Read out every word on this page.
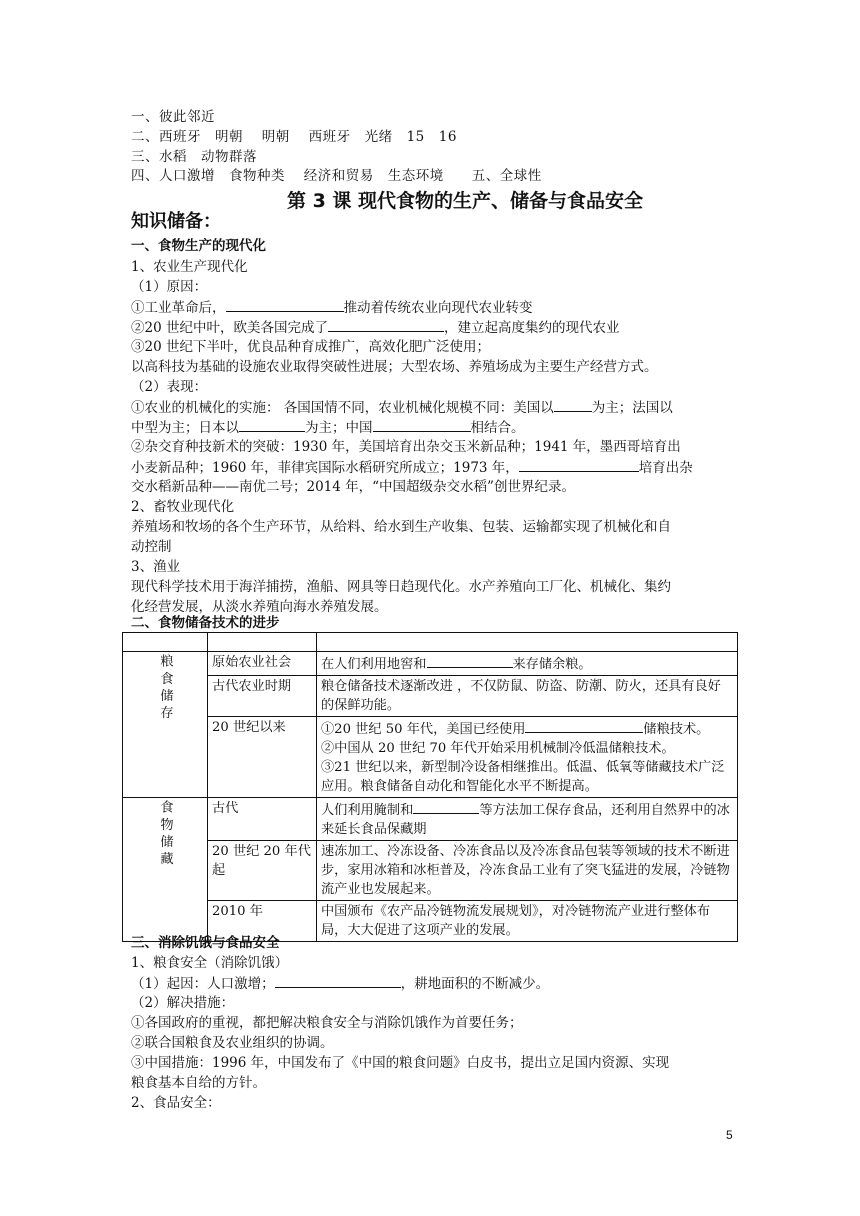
一、彼此邻近
二、西班牙　明朝　 明朝　 西班牙　光绪　15　16
三、水稻　动物群落
四、人口激增　食物种类　 经济和贸易　生态环境　　五、全球性
第 3 课 现代食物的生产、储备与食品安全
知识储备：
一、食物生产的现代化
1、农业生产现代化
（1）原因：
①工业革命后，	推动着传统农业向现代农业转变
②20 世纪中叶，欧美各国完成了	，建立起高度集约的现代农业
③20 世纪下半叶，优良品种育成推广，高效化肥广泛使用；
以高科技为基础的设施农业取得突破性进展；大型农场、养殖场成为主要生产经营方式。
（2）表现：
①农业的机械化的实施： 各国国情不同，农业机械化规模不同：美国以	为主；法国以
中型为主；日本以	为主；中国	相结合。
②杂交育种技新术的突破：1930 年，美国培育出杂交玉米新品种；1941 年，墨西哥培育出
小麦新品种；1960 年，菲律宾国际水稻研究所成立；1973 年，	培育出杂
交水稻新品种——南优二号；2014 年，“中国超级杂交水稻”创世界纪录。
2、畜牧业现代化
养殖场和牧场的各个生产环节，从给料、给水到生产收集、包装、运输都实现了机械化和自
动控制
3、渔业
现代科学技术用于海洋捕捞，渔船、网具等日趋现代化。水产养殖向工厂化、机械化、集约
化经营发展，从淡水养殖向海水养殖发展。
二、食物储备技术的进步

粮食储存	原始农业社会	在人们利用地窖和 来存储余粮。
	古代农业时期	粮仓储备技术逐渐改进 ，不仅防鼠、防盗、防潮、防火，还具有良好的保鲜功能。
	20 世纪以来	①20 世纪 50 年代，美国已经使用 储粮技术。
②中国从 20 世纪 70 年代开始采用机械制冷低温储粮技术。
③21 世纪以来，新型制冷设备相继推出。低温、低氧等储藏技术广泛应用。粮食储备自动化和智能化水平不断提高。

食物储藏	古代	人们利用腌制和 等方法加工保存食品，还利用自然界中的冰来延长食品保藏期
	20 世纪 20 年代起	速冻加工、冷冻设备、冷冻食品以及冷冻食品包装等领域的技术不断进步，家用冰箱和冰柜普及，冷冻食品工业有了突飞猛进的发展，冷链物流产业也发展起来。
	2010 年	中国颁布《农产品冷链物流发展规划》，对冷链物流产业进行整体布局，大大促进了这项产业的发展。
三、消除饥饿与食品安全
1、粮食安全（消除饥饿）
（1）起因：人口激增；	，耕地面积的不断减少。
（2）解决措施：
①各国政府的重视，都把解决粮食安全与消除饥饿作为首要任务；
②联合国粮食及农业组织的协调。
③中国措施：1996 年，中国发布了《中国的粮食问题》白皮书，提出立足国内资源、实现
粮食基本自给的方针。
2、食品安全：
5
